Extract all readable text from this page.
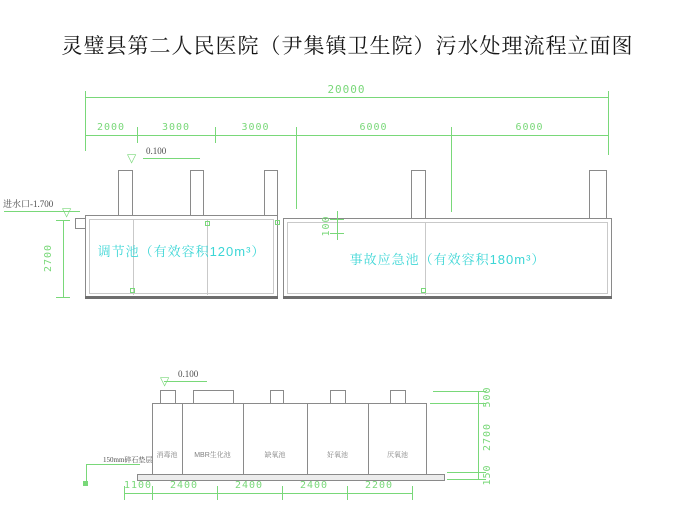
灵璧县第二人民医院（尹集镇卫生院）污水处理流程立面图
20000
2000	3000	3000	6000	6000
0.100
▽
进水口-1.700
▽
2700
100
调节池（有效容积120m³）
事故应急池（有效容积180m³）
0.100
▽
消毒池	MBR生化池	缺氧池	好氧池	厌氧池
150mm碎石垫层
1100	2400	2400	2400	2200
500
2700
150
